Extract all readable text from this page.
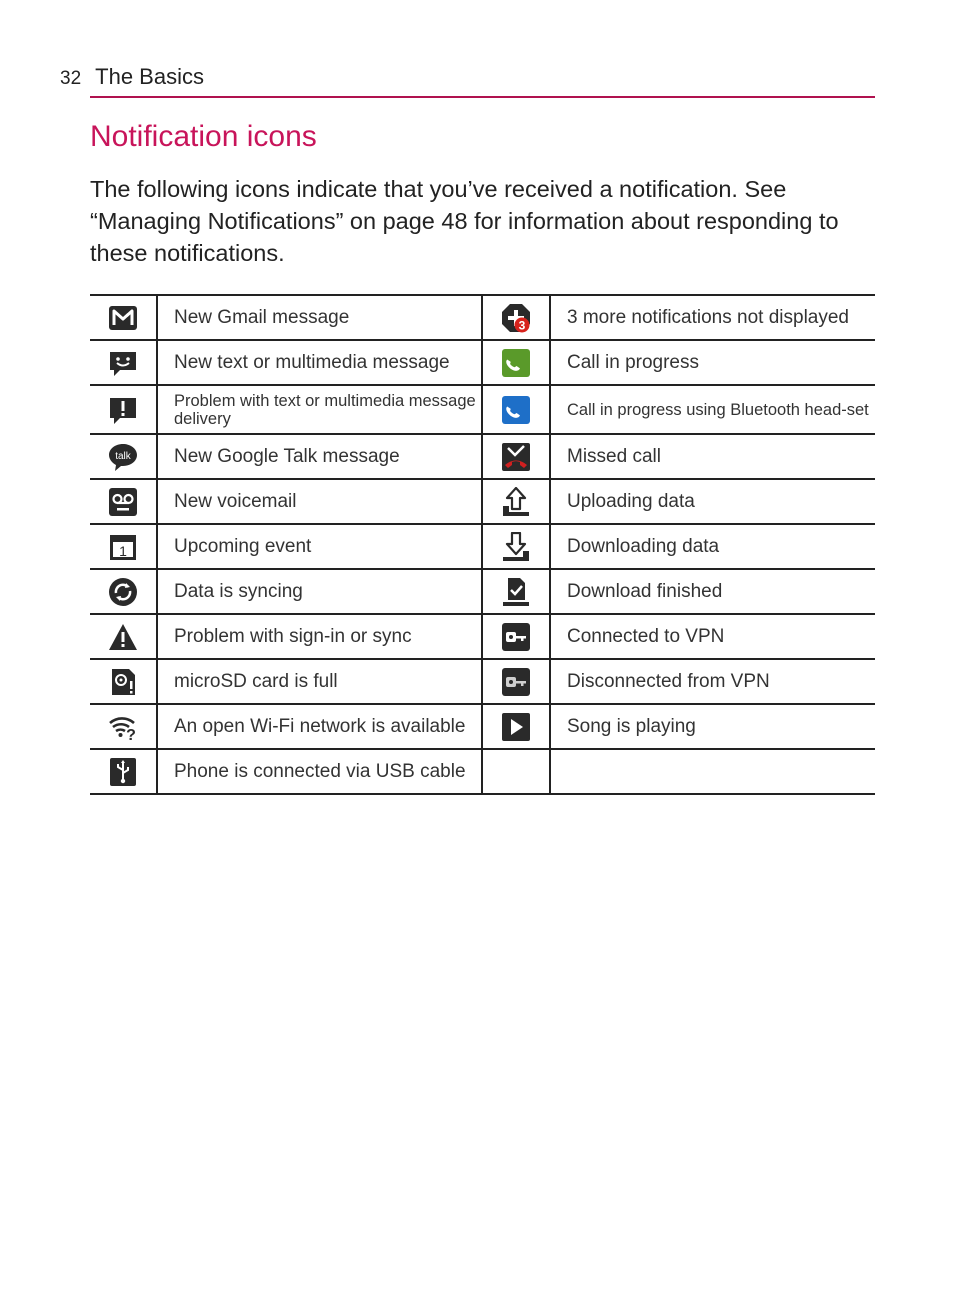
32 The Basics
Notification icons

The following icons indicate that you’ve received a notification. See “Managing Notifications” on page 48 for information about responding to these notifications.

	New Gmail message	3	3 more notifications not displayed

	New text or multimedia message		Call in progress

	Problem with text or multimedia message delivery		Call in progress using Bluetooth head-set

talk	New Google Talk message		Missed call

	New voicemail		Uploading data

1	Upcoming event		Downloading data

	Data is syncing		Download finished

	Problem with sign-in or sync		Connected to VPN

	microSD card is full		Disconnected from VPN

?	An open Wi-Fi network is available		Song is playing

	Phone is connected via USB cable		
